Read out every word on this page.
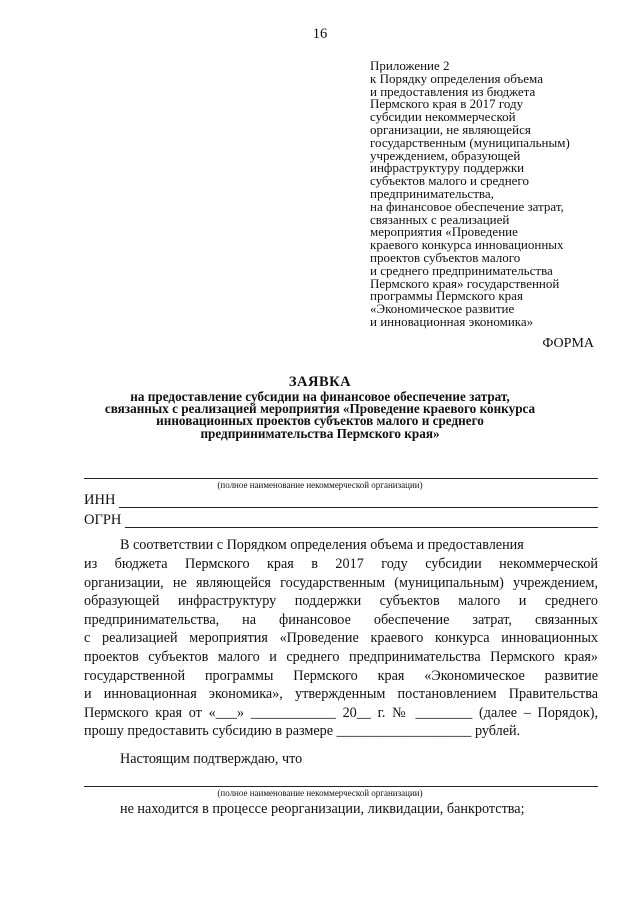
16
Приложение 2
к Порядку определения объема
и предоставления из бюджета
Пермского края в 2017 году
субсидии некоммерческой
организации, не являющейся
государственным (муниципальным)
учреждением, образующей
инфраструктуру поддержки
субъектов малого и среднего
предпринимательства,
на финансовое обеспечение затрат,
связанных с реализацией
мероприятия «Проведение
краевого конкурса инновационных
проектов субъектов малого
и среднего предпринимательства
Пермского края» государственной
программы Пермского края
«Экономическое развитие
и инновационная экономика»
ФОРМА
ЗАЯВКА
на предоставление субсидии на финансовое обеспечение затрат,
связанных с реализацией мероприятия «Проведение краевого конкурса
инновационных проектов субъектов малого и среднего
предпринимательства Пермского края»
(полное наименование некоммерческой организации)
ИНН
ОГРН
В соответствии с Порядком определения объема и предоставления
из бюджета Пермского края в 2017 году субсидии некоммерческой
организации, не являющейся государственным (муниципальным) учреждением,
образующей инфраструктуру поддержки субъектов малого и среднего
предпринимательства, на финансовое обеспечение затрат, связанных
с реализацией мероприятия «Проведение краевого конкурса инновационных
проектов субъектов малого и среднего предпринимательства Пермского края»
государственной программы Пермского края «Экономическое развитие
и инновационная экономика», утвержденным постановлением Правительства
Пермского края от «___» ____________ 20__ г. № ________ (далее – Порядок),
прошу предоставить субсидию в размере ___________________ рублей.
Настоящим подтверждаю, что
(полное наименование некоммерческой организации)
не находится в процессе реорганизации, ликвидации, банкротства;
